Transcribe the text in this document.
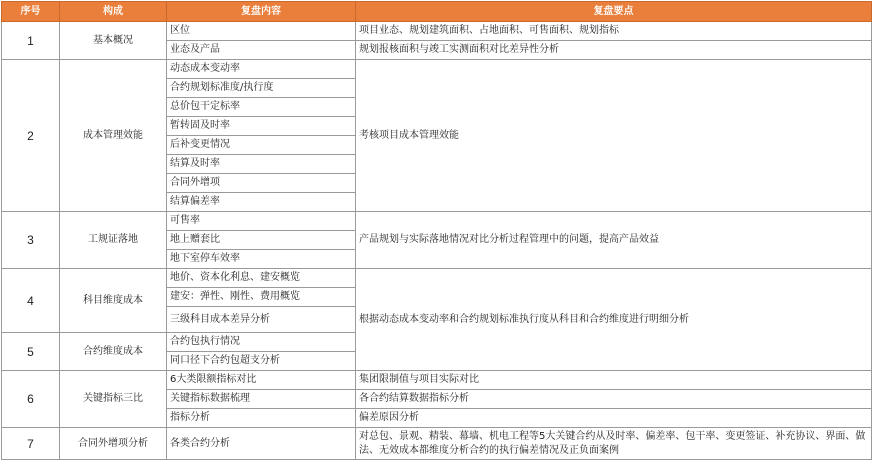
序号	构成	复盘内容	复盘要点
1	基本概况	区位	项目业态、规划建筑面积、占地面积、可售面积、规划指标
		业态及产品	规划报核面积与竣工实测面积对比差异性分析
2	成本管理效能	动态成本变动率	考核项目成本管理效能
		合约规划标准度/执行度	
		总价包干定标率	
		暂转固及时率	
		后补变更情况	
		结算及时率	
		合同外增项	
		结算偏差率	
3	工规证落地	可售率	产品规划与实际落地情况对比分析过程管理中的问题，提高产品效益
		地上赠套比	
		地下室停车效率	
4	科目维度成本	地价、资本化利息、建安概览	根据动态成本变动率和合约规划标准执行度从科目和合约维度进行明细分析
		建安：弹性、刚性、费用概览	
		三级科目成本差异分析	
5	合约维度成本	合约包执行情况	
		同口径下合约包超支分析	
6	关键指标三比	6大类限额指标对比	集团限制值与项目实际对比
		关键指标数据梳理	各合约结算数据指标分析
		指标分析	偏差原因分析
7	合同外增项分析	各类合约分析	对总包、景观、精装、幕墙、机电工程等5大关键合约从及时率、偏差率、包干率、变更签证、补充协议、界面、做法、无效成本都维度分析合约的执行偏差情况及正负面案例
